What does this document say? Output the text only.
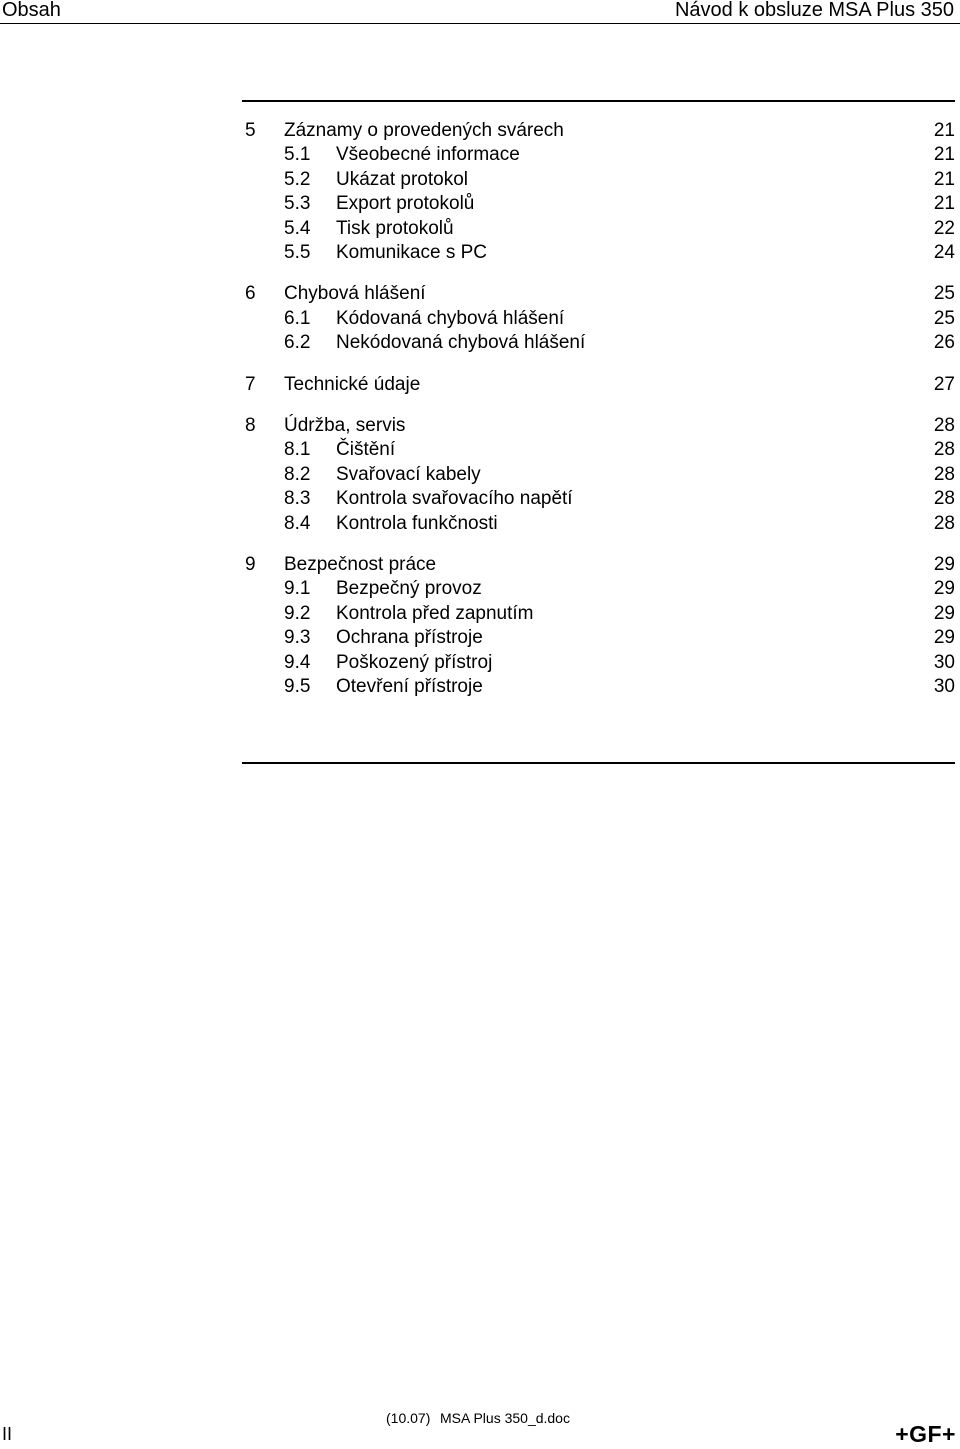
Obsah	Návod k obsluze MSA Plus 350
5 Záznamy o provedených svárech	21
5.1 Všeobecné informace	21
5.2 Ukázat protokol	21
5.3 Export protokolů	21
5.4 Tisk protokolů	22
5.5 Komunikace s PC	24
6 Chybová hlášení	25
6.1 Kódovaná chybová hlášení	25
6.2 Nekódovaná chybová hlášení	26
7 Technické údaje	27
8 Údržba, servis	28
8.1 Čištění	28
8.2 Svařovací kabely	28
8.3 Kontrola svařovacího napětí	28
8.4 Kontrola funkčnosti	28
9 Bezpečnost práce	29
9.1 Bezpečný provoz	29
9.2 Kontrola před zapnutím	29
9.3 Ochrana přístroje	29
9.4 Poškozený přístroj	30
9.5 Otevření přístroje	30
II
(10.07) MSA Plus 350_d.doc
+GF+
